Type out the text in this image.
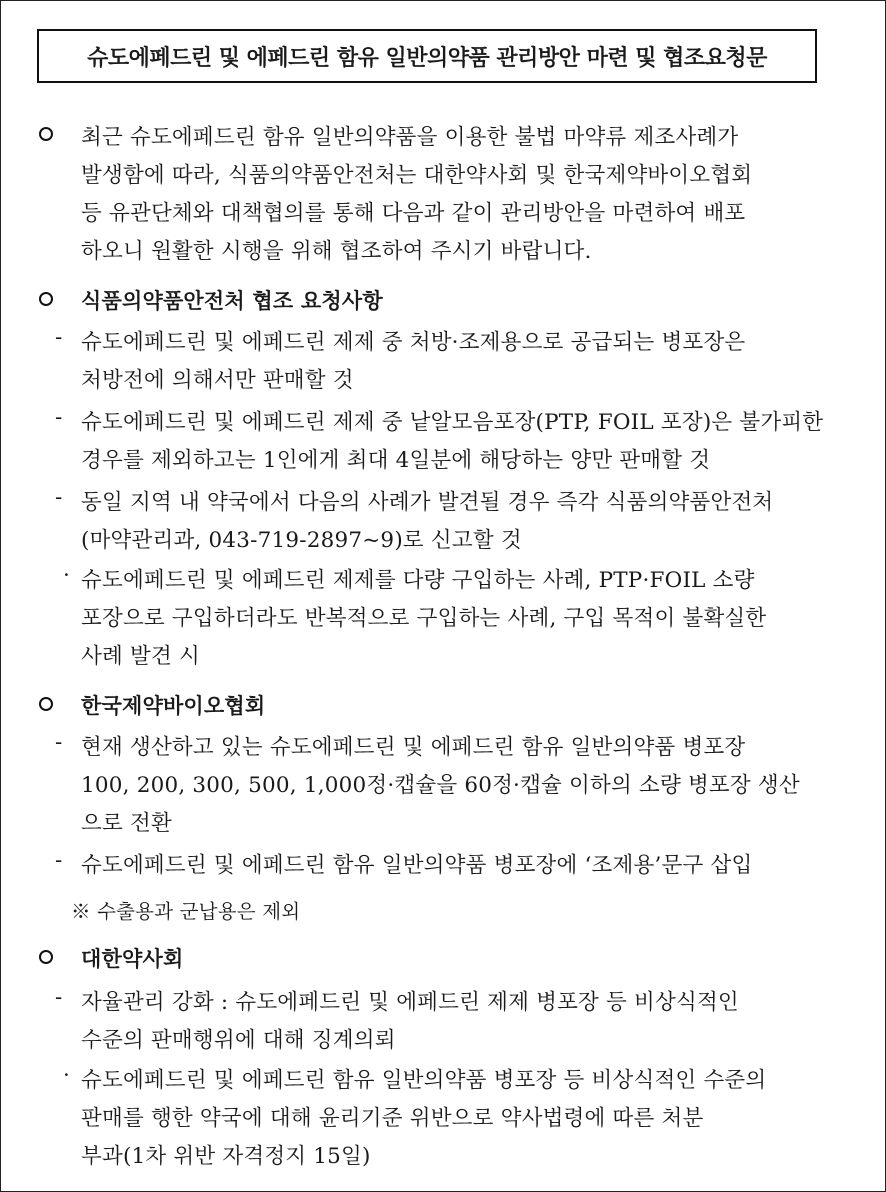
슈도에페드린 및 에페드린 함유 일반의약품 관리방안 마련 및 협조요청문
최근 슈도에페드린 함유 일반의약품을 이용한 불법 마약류 제조사례가
발생함에 따라, 식품의약품안전처는 대한약사회 및 한국제약바이오협회
등 유관단체와 대책협의를 통해 다음과 같이 관리방안을 마련하여 배포
하오니 원활한 시행을 위해 협조하여 주시기 바랍니다.
식품의약품안전처 협조 요청사항
- 슈도에페드린 및 에페드린 제제 중 처방·조제용으로 공급되는 병포장은
처방전에 의해서만 판매할 것
- 슈도에페드린 및 에페드린 제제 중 낱알모음포장(PTP, FOIL 포장)은 불가피한
경우를 제외하고는 1인에게 최대 4일분에 해당하는 양만 판매할 것
- 동일 지역 내 약국에서 다음의 사례가 발견될 경우 즉각 식품의약품안전처
(마약관리과, 043-719-2897~9)로 신고할 것
· 슈도에페드린 및 에페드린 제제를 다량 구입하는 사례, PTP·FOIL 소량
포장으로 구입하더라도 반복적으로 구입하는 사례, 구입 목적이 불확실한
사례 발견 시
한국제약바이오협회
- 현재 생산하고 있는 슈도에페드린 및 에페드린 함유 일반의약품 병포장
100, 200, 300, 500, 1,000정·캡슐을 60정·캡슐 이하의 소량 병포장 생산
으로 전환
- 슈도에페드린 및 에페드린 함유 일반의약품 병포장에 ‘조제용’문구 삽입
※ 수출용과 군납용은 제외
대한약사회
- 자율관리 강화 : 슈도에페드린 및 에페드린 제제 병포장 등 비상식적인
수준의 판매행위에 대해 징계의뢰
· 슈도에페드린 및 에페드린 함유 일반의약품 병포장 등 비상식적인 수준의
판매를 행한 약국에 대해 윤리기준 위반으로 약사법령에 따른 처분
부과(1차 위반 자격정지 15일)
